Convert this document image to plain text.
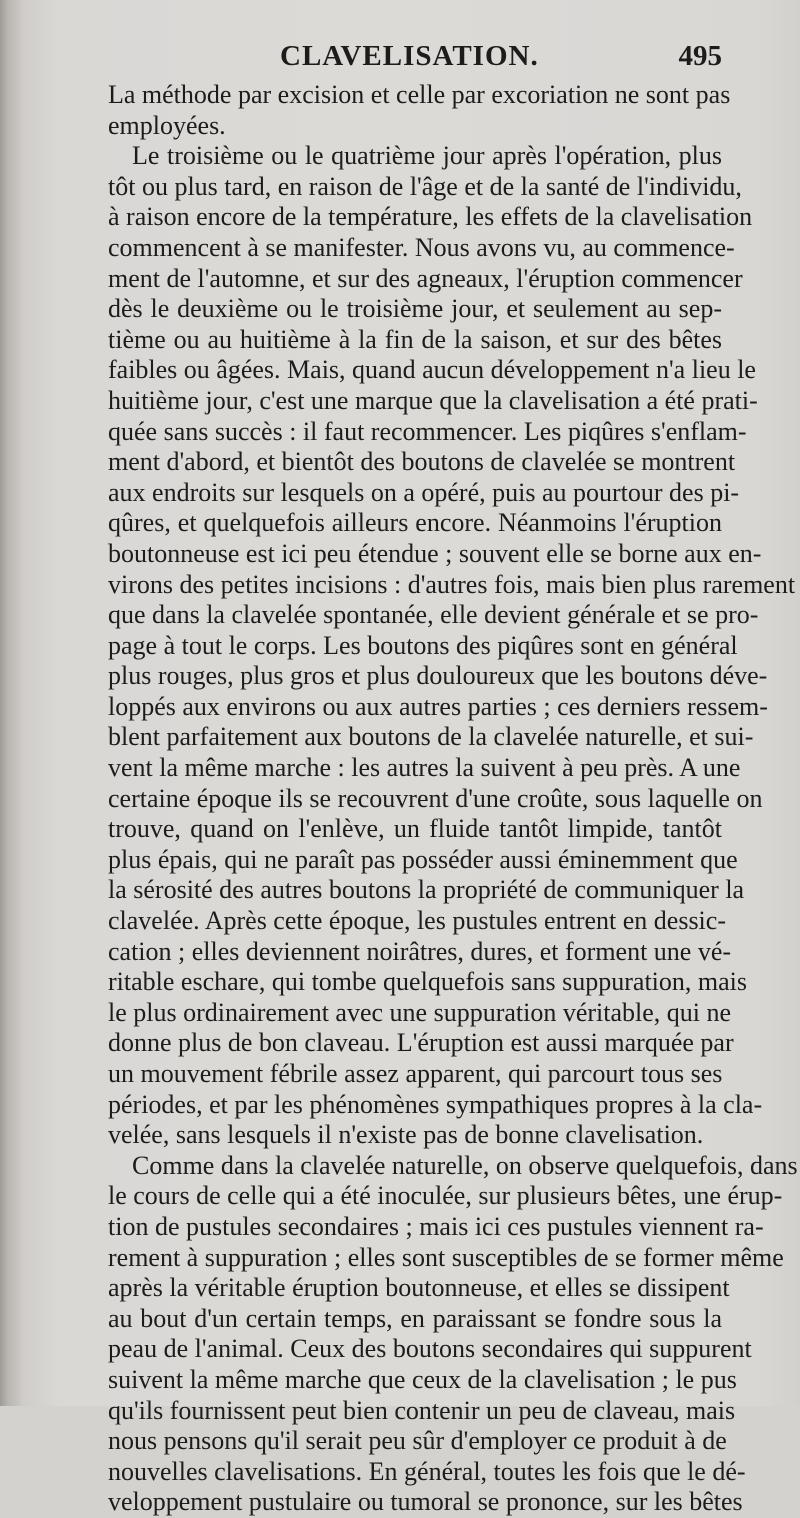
CLAVELISATION.	495
La méthode par excision et celle par excoriation ne sont pas
employées.
Le troisième ou le quatrième jour après l'opération, plus
tôt ou plus tard, en raison de l'âge et de la santé de l'individu,
à raison encore de la température, les effets de la clavelisation
commencent à se manifester. Nous avons vu, au commence-
ment de l'automne, et sur des agneaux, l'éruption commencer
dès le deuxième ou le troisième jour, et seulement au sep-
tième ou au huitième à la fin de la saison, et sur des bêtes
faibles ou âgées. Mais, quand aucun développement n'a lieu le
huitième jour, c'est une marque que la clavelisation a été prati-
quée sans succès : il faut recommencer. Les piqûres s'enflam-
ment d'abord, et bientôt des boutons de clavelée se montrent
aux endroits sur lesquels on a opéré, puis au pourtour des pi-
qûres, et quelquefois ailleurs encore. Néanmoins l'éruption
boutonneuse est ici peu étendue ; souvent elle se borne aux en-
virons des petites incisions : d'autres fois, mais bien plus rarement
que dans la clavelée spontanée, elle devient générale et se pro-
page à tout le corps. Les boutons des piqûres sont en général
plus rouges, plus gros et plus douloureux que les boutons déve-
loppés aux environs ou aux autres parties ; ces derniers ressem-
blent parfaitement aux boutons de la clavelée naturelle, et sui-
vent la même marche : les autres la suivent à peu près. A une
certaine époque ils se recouvrent d'une croûte, sous laquelle on
trouve, quand on l'enlève, un fluide tantôt limpide, tantôt
plus épais, qui ne paraît pas posséder aussi éminemment que
la sérosité des autres boutons la propriété de communiquer la
clavelée. Après cette époque, les pustules entrent en dessic-
cation ; elles deviennent noirâtres, dures, et forment une vé-
ritable eschare, qui tombe quelquefois sans suppuration, mais
le plus ordinairement avec une suppuration véritable, qui ne
donne plus de bon claveau. L'éruption est aussi marquée par
un mouvement fébrile assez apparent, qui parcourt tous ses
périodes, et par les phénomènes sympathiques propres à la cla-
velée, sans lesquels il n'existe pas de bonne clavelisation.
Comme dans la clavelée naturelle, on observe quelquefois, dans
le cours de celle qui a été inoculée, sur plusieurs bêtes, une érup-
tion de pustules secondaires ; mais ici ces pustules viennent ra-
rement à suppuration ; elles sont susceptibles de se former même
après la véritable éruption boutonneuse, et elles se dissipent
au bout d'un certain temps, en paraissant se fondre sous la
peau de l'animal. Ceux des boutons secondaires qui suppurent
suivent la même marche que ceux de la clavelisation ; le pus
qu'ils fournissent peut bien contenir un peu de claveau, mais
nous pensons qu'il serait peu sûr d'employer ce produit à de
nouvelles clavelisations. En général, toutes les fois que le dé-
veloppement pustulaire ou tumoral se prononce, sur les bêtes
